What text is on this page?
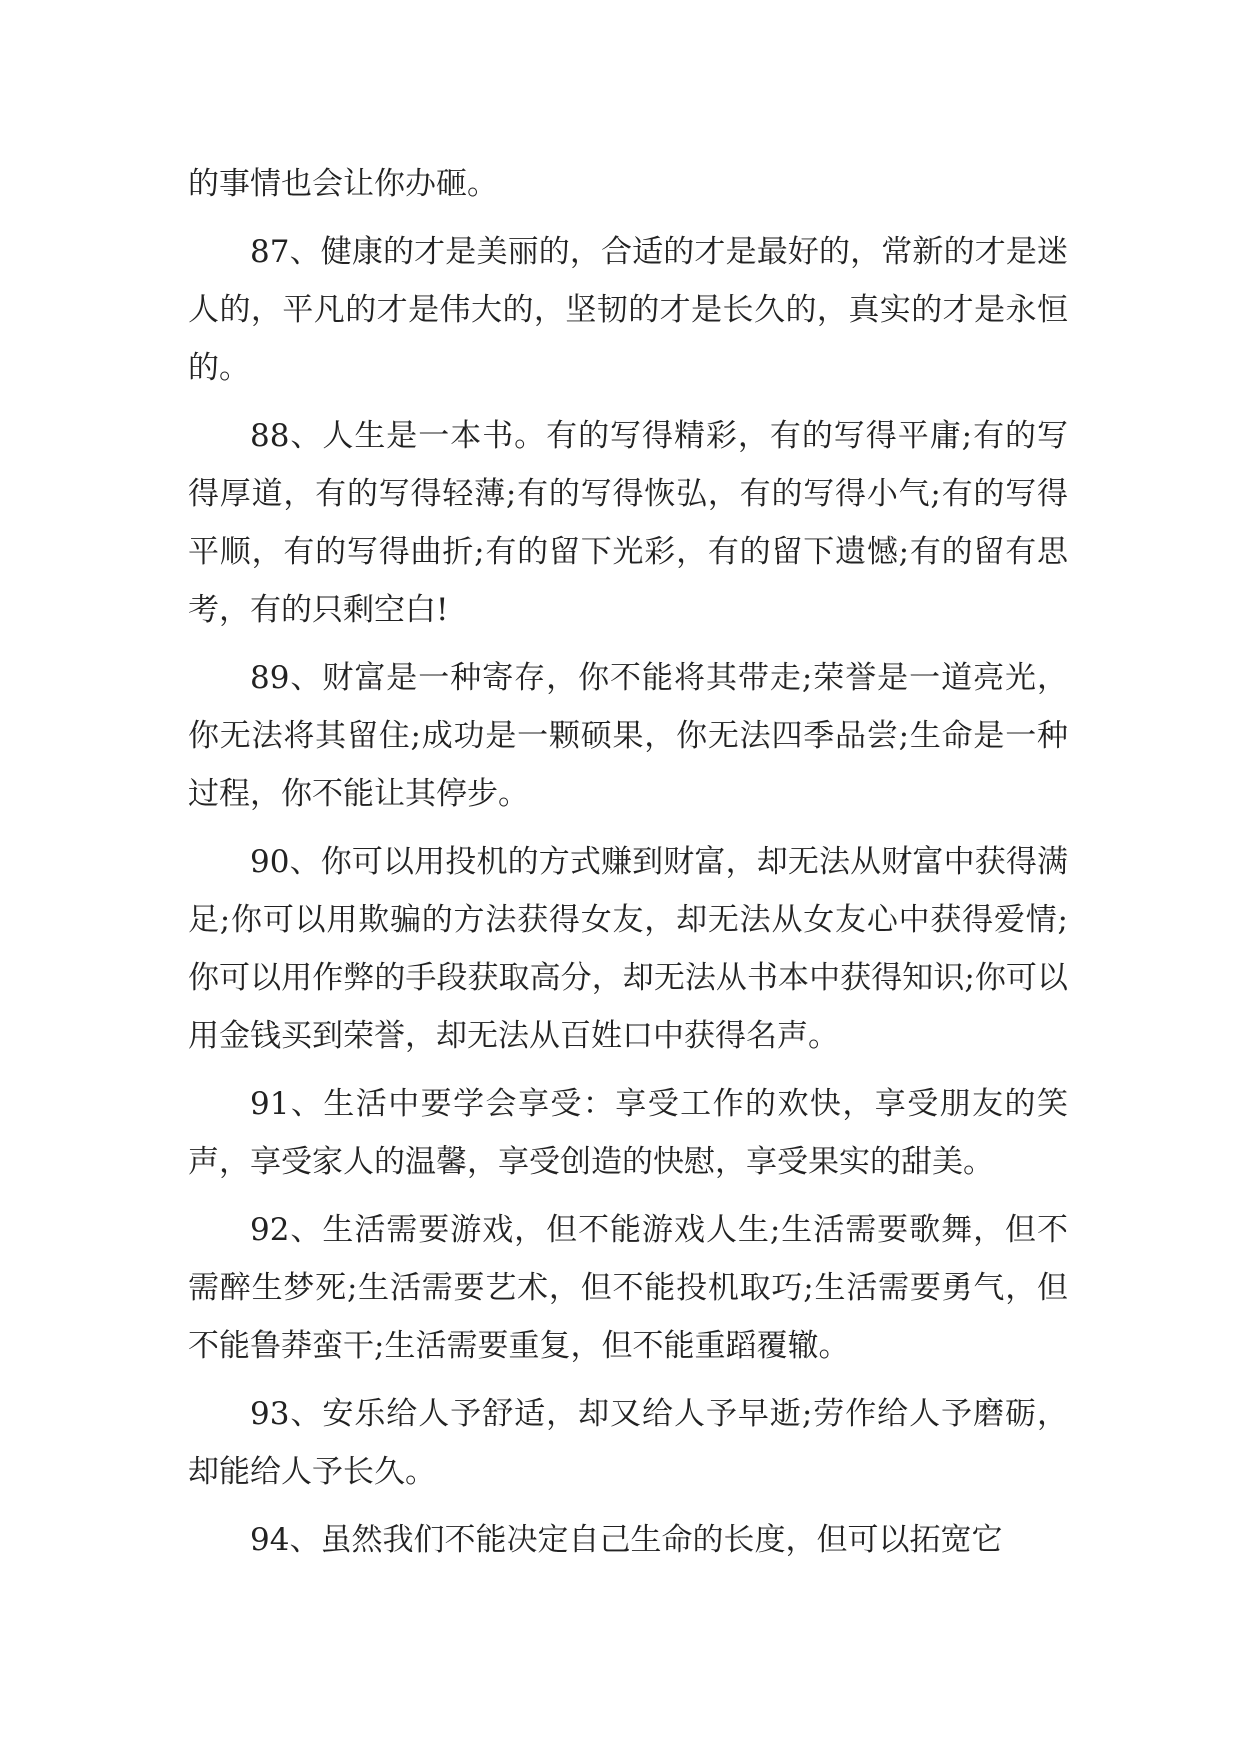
的事情也会让你办砸。

87、健康的才是美丽的，合适的才是最好的，常新的才是迷人的，平凡的才是伟大的，坚韧的才是长久的，真实的才是永恒的。

88、人生是一本书。有的写得精彩，有的写得平庸;有的写得厚道，有的写得轻薄;有的写得恢弘，有的写得小气;有的写得平顺，有的写得曲折;有的留下光彩，有的留下遗憾;有的留有思考，有的只剩空白!

89、财富是一种寄存，你不能将其带走;荣誉是一道亮光，你无法将其留住;成功是一颗硕果，你无法四季品尝;生命是一种过程，你不能让其停步。

90、你可以用投机的方式赚到财富，却无法从财富中获得满足;你可以用欺骗的方法获得女友，却无法从女友心中获得爱情;你可以用作弊的手段获取高分，却无法从书本中获得知识;你可以用金钱买到荣誉，却无法从百姓口中获得名声。

91、生活中要学会享受：享受工作的欢快，享受朋友的笑声，享受家人的温馨，享受创造的快慰，享受果实的甜美。

92、生活需要游戏，但不能游戏人生;生活需要歌舞，但不需醉生梦死;生活需要艺术，但不能投机取巧;生活需要勇气，但不能鲁莽蛮干;生活需要重复，但不能重蹈覆辙。

93、安乐给人予舒适，却又给人予早逝;劳作给人予磨砺，却能给人予长久。

94、虽然我们不能决定自己生命的长度，但可以拓宽它
